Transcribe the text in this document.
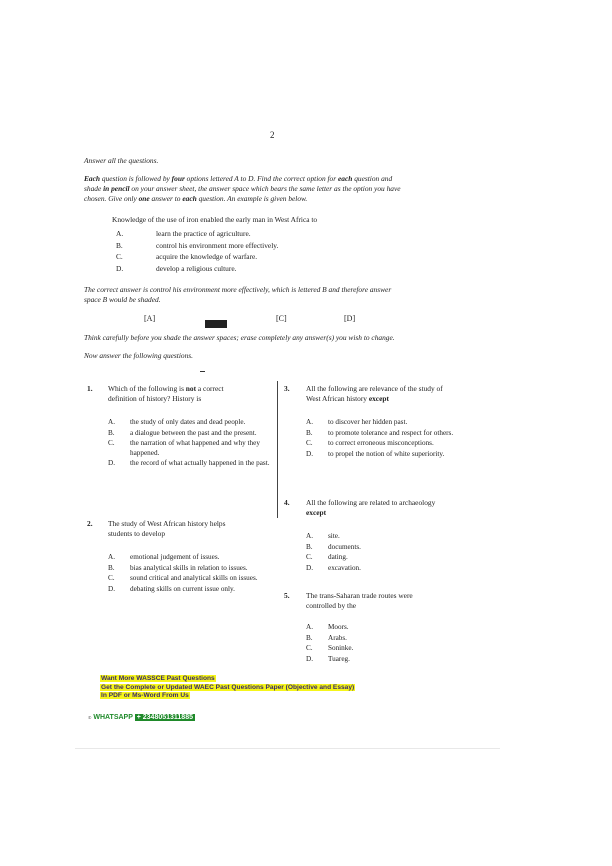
2
Answer all the questions.
Each question is followed by four options lettered A to D. Find the correct option for each question and
shade in pencil on your answer sheet, the answer space which bears the same letter as the option you have
chosen. Give only one answer to each question. An example is given below.
Knowledge of the use of iron enabled the early man in West Africa to
A.	learn the practice of agriculture.
B.	control his environment more effectively.
C.	acquire the knowledge of warfare.
D.	develop a religious culture.
The correct answer is control his environment more effectively, which is lettered B and therefore answer
space B would be shaded.
[A]	[C]	[D]
Think carefully before you shade the answer spaces; erase completely any answer(s) you wish to change.
Now answer the following questions.
1. Which of the following is not a correct
definition of history? History is
A. the study of only dates and dead people.
B. a dialogue between the past and the present.
C. the narration of what happened and why they happened.
D. the record of what actually happened in the past.
2. The study of West African history helps
students to develop
A. emotional judgement of issues.
B. bias analytical skills in relation to issues.
C. sound critical and analytical skills on issues.
D. debating skills on current issue only.
3. All the following are relevance of the study of
West African history except
A. to discover her hidden past.
B. to promote tolerance and respect for others.
C. to correct erroneous misconceptions.
D. to propel the notion of white superiority.
4. All the following are related to archaeology
except
A. site.
B. documents.
C. dating.
D. excavation.
5. The trans-Saharan trade routes were
controlled by the
A. Moors.
B. Arabs.
C. Soninke.
D. Tuareg.
Want More WASSCE Past Questions
Get the Complete or Updated WAEC Past Questions Paper (Objective and Essay)
In PDF or Ms-Word From Us
✆ WHATSAPP + 2348051311885
